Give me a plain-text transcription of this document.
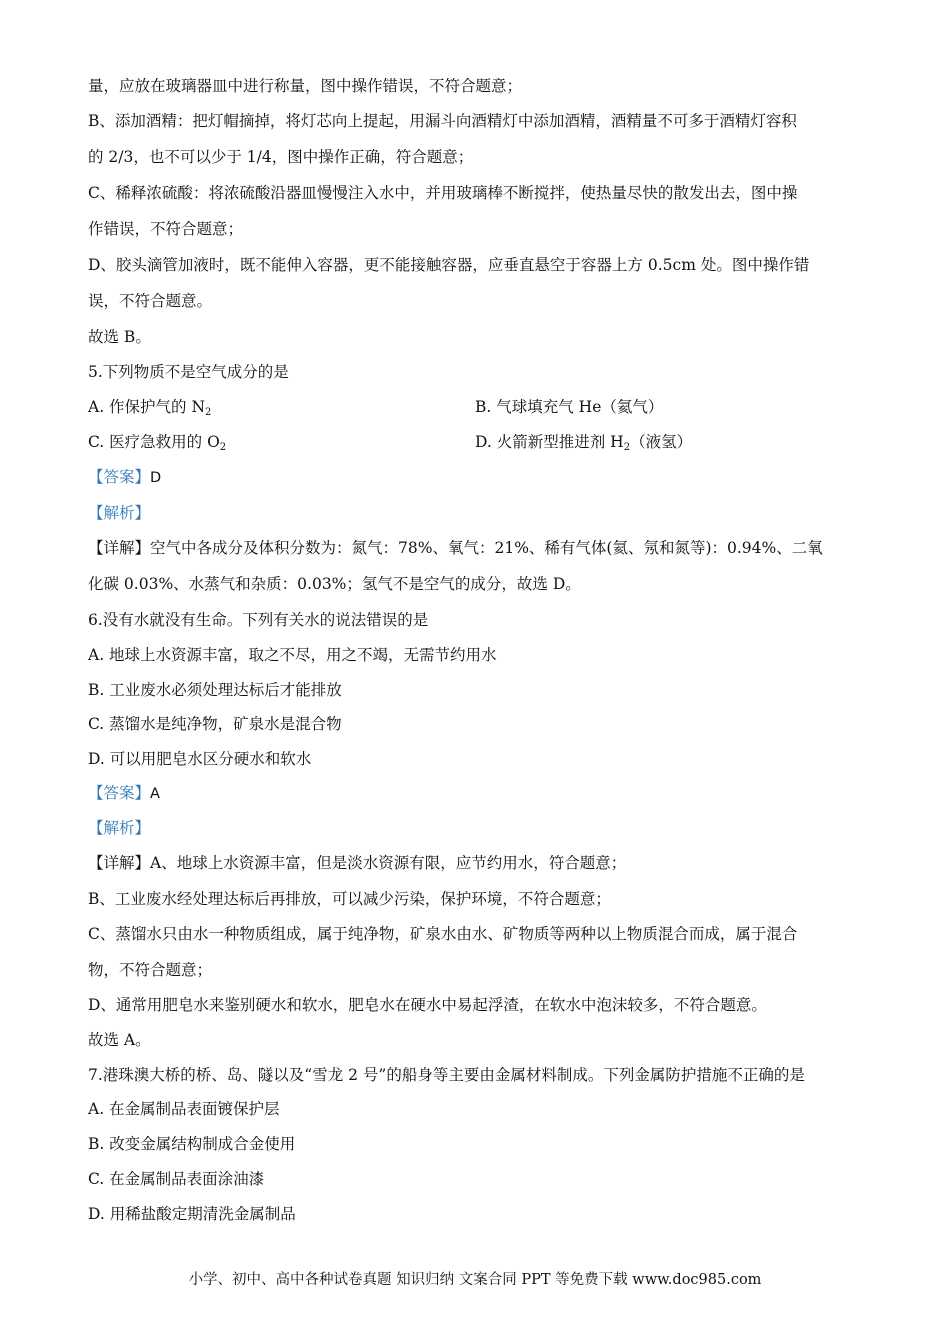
量，应放在玻璃器皿中进行称量，图中操作错误，不符合题意；
B、添加酒精：把灯帽摘掉，将灯芯向上提起，用漏斗向酒精灯中添加酒精，酒精量不可多于酒精灯容积
的 2/3，也不可以少于 1/4，图中操作正确，符合题意；
C、稀释浓硫酸：将浓硫酸沿器皿慢慢注入水中，并用玻璃棒不断搅拌，使热量尽快的散发出去，图中操
作错误，不符合题意；
D、胶头滴管加液时，既不能伸入容器，更不能接触容器，应垂直悬空于容器上方 0.5cm 处。图中操作错
误，不符合题意。
故选 B。
5.下列物质不是空气成分的是
A. 作保护气的 $N_2$	B. 气球填充气 He（氦气）
C. 医疗急救用的 $O_2$	D. 火箭新型推进剂 $H_2$（液氢）
【答案】D
【解析】
【详解】空气中各成分及体积分数为：氮气：78%、氧气：21%、稀有气体(氦、氖和氮等)：0.94%、二氧
化碳 0.03%、水蒸气和杂质：0.03%；氢气不是空气的成分，故选 D。
6.没有水就没有生命。下列有关水的说法错误的是
A. 地球上水资源丰富，取之不尽，用之不竭，无需节约用水
B. 工业废水必须处理达标后才能排放
C. 蒸馏水是纯净物，矿泉水是混合物
D. 可以用肥皂水区分硬水和软水
【答案】A
【解析】
【详解】A、地球上水资源丰富，但是淡水资源有限，应节约用水，符合题意；
B、工业废水经处理达标后再排放，可以减少污染，保护环境，不符合题意；
C、蒸馏水只由水一种物质组成，属于纯净物，矿泉水由水、矿物质等两种以上物质混合而成，属于混合
物，不符合题意；
D、通常用肥皂水来鉴别硬水和软水，肥皂水在硬水中易起浮渣，在软水中泡沫较多，不符合题意。
故选 A。
7.港珠澳大桥的桥、岛、隧以及“雪龙 2 号”的船身等主要由金属材料制成。下列金属防护措施不正确的是
A. 在金属制品表面镀保护层
B. 改变金属结构制成合金使用
C. 在金属制品表面涂油漆
D. 用稀盐酸定期清洗金属制品
小学、初中、高中各种试卷真题 知识归纳 文案合同 PPT 等免费下载 www.doc985.com
